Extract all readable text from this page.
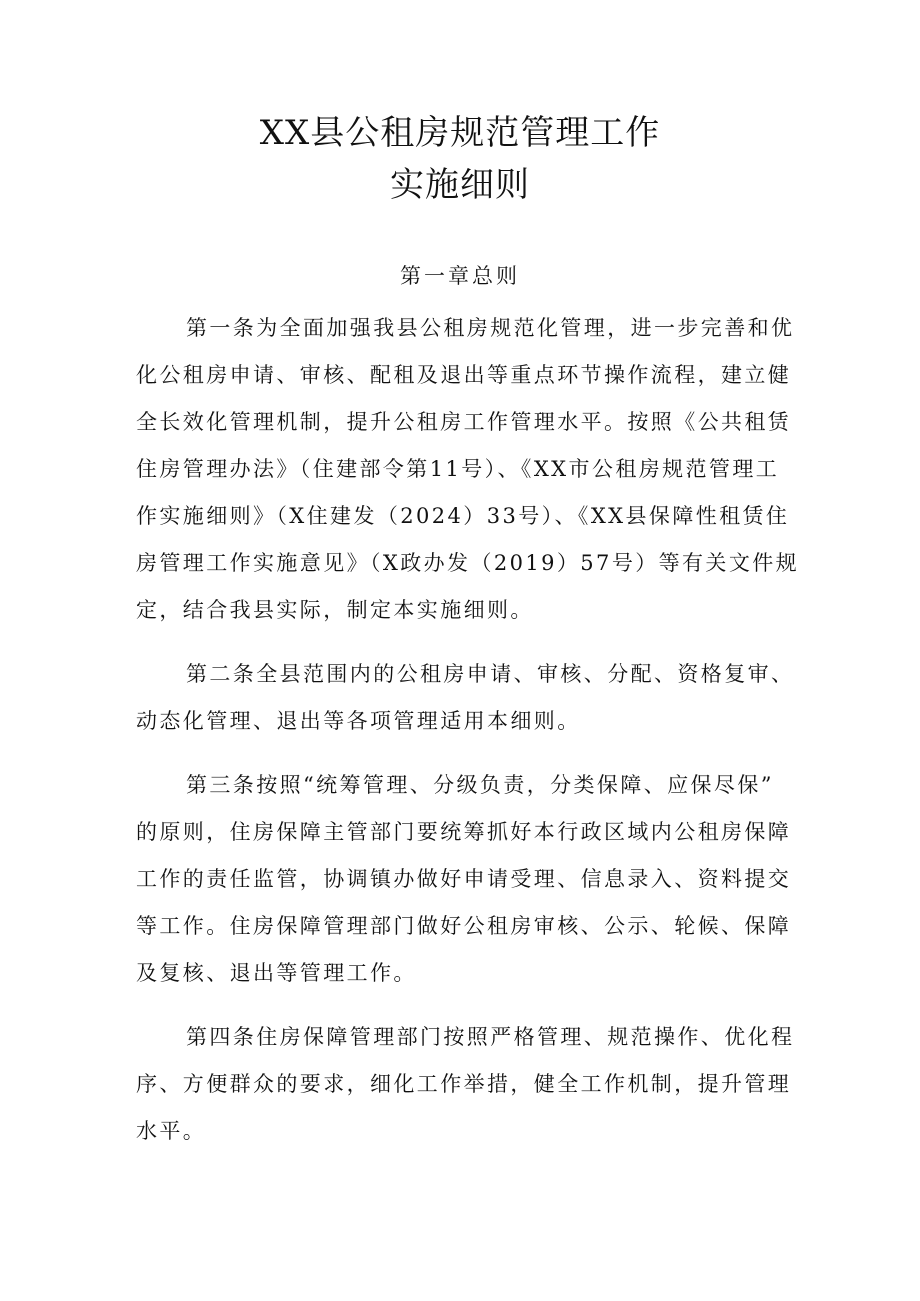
XX县公租房规范管理工作
实施细则
第一章总则

第一条为全面加强我县公租房规范化管理，进一步完善和优
化公租房申请、审核、配租及退出等重点环节操作流程，建立健
全长效化管理机制，提升公租房工作管理水平。按照《公共租赁
住房管理办法》（住建部令第11号）、《XX市公租房规范管理工
作实施细则》（X住建发（2024）33号）、《XX县保障性租赁住
房管理工作实施意见》（X政办发（2019）57号）等有关文件规
定，结合我县实际，制定本实施细则。

第二条全县范围内的公租房申请、审核、分配、资格复审、
动态化管理、退出等各项管理适用本细则。

第三条按照“统筹管理、分级负责，分类保障、应保尽保”
的原则，住房保障主管部门要统筹抓好本行政区域内公租房保障
工作的责任监管，协调镇办做好申请受理、信息录入、资料提交
等工作。住房保障管理部门做好公租房审核、公示、轮候、保障
及复核、退出等管理工作。

第四条住房保障管理部门按照严格管理、规范操作、优化程
序、方便群众的要求，细化工作举措，健全工作机制，提升管理
水平。
